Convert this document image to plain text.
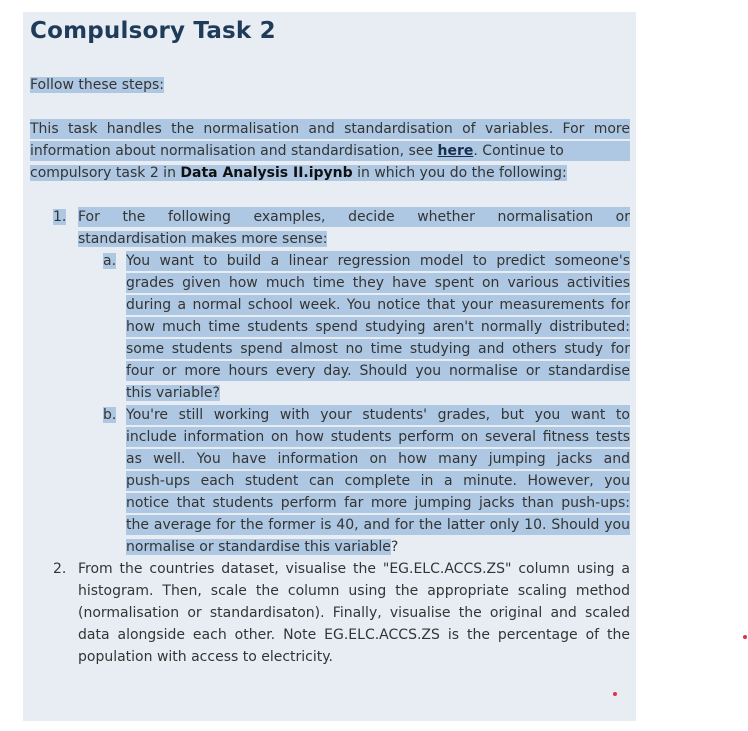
Compulsory Task 2
Follow these steps:
This task handles the normalisation and standardisation of variables. For more
information about normalisation and standardisation, see here. Continue to
compulsory task 2 in Data Analysis II.ipynb in which you do the following:
1. For the following examples, decide whether normalisation or
standardisation makes more sense:
a. You want to build a linear regression model to predict someone's
grades given how much time they have spent on various activities
during a normal school week. You notice that your measurements for
how much time students spend studying aren't normally distributed:
some students spend almost no time studying and others study for
four or more hours every day. Should you normalise or standardise
this variable?
b. You're still working with your students' grades, but you want to
include information on how students perform on several fitness tests
as well. You have information on how many jumping jacks and
push-ups each student can complete in a minute. However, you
notice that students perform far more jumping jacks than push-ups:
the average for the former is 40, and for the latter only 10. Should you
normalise or standardise this variable?
2. From the countries dataset, visualise the "EG.ELC.ACCS.ZS" column using a
histogram. Then, scale the column using the appropriate scaling method
(normalisation or standardisaton). Finally, visualise the original and scaled
data alongside each other. Note EG.ELC.ACCS.ZS is the percentage of the
population with access to electricity.
